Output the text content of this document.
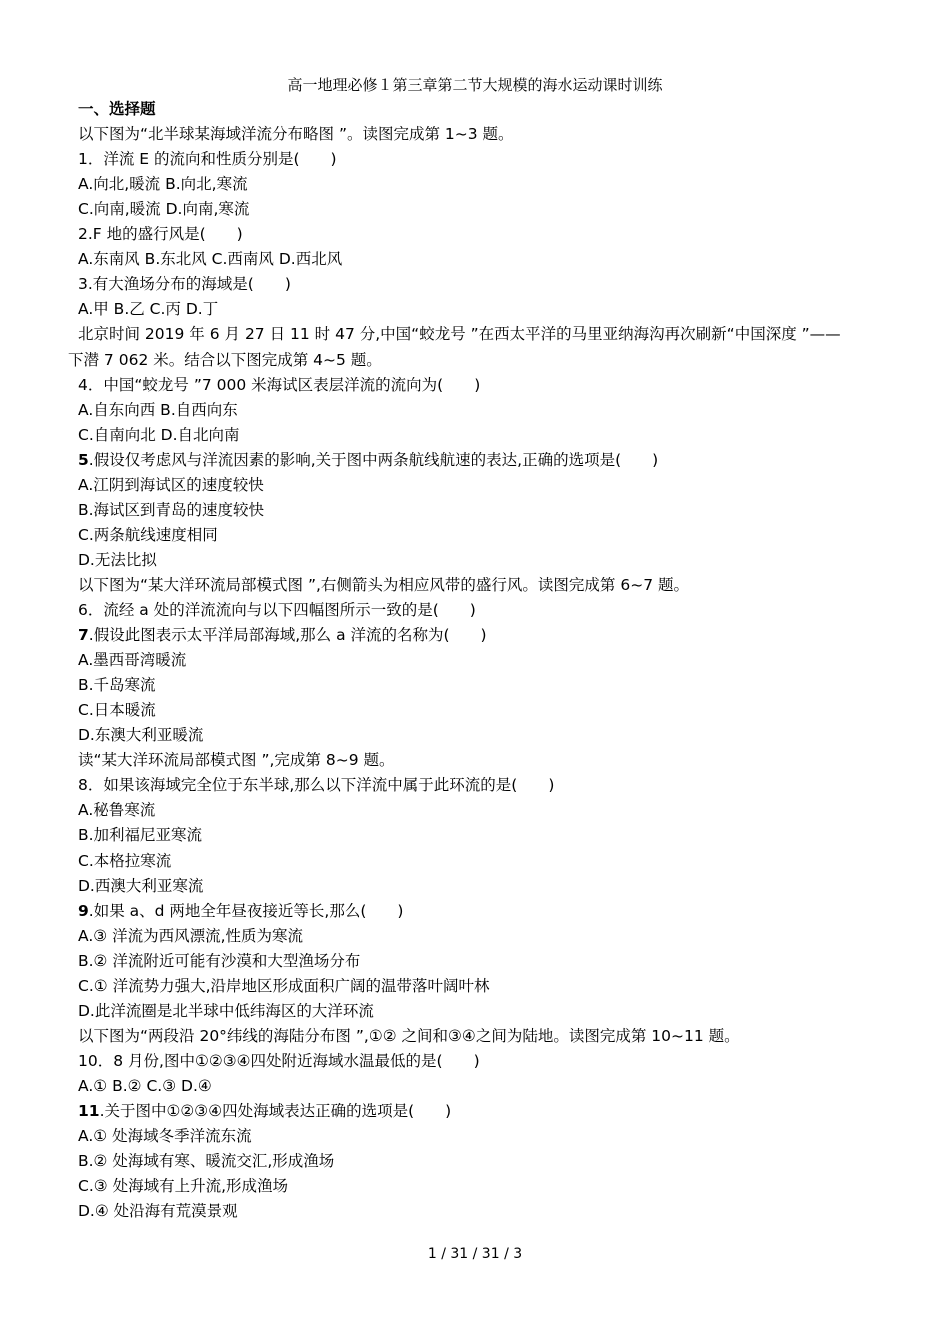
高一地理必修１第三章第二节大规模的海水运动课时训练
一、选择题
以下图为“北半球某海域洋流分布略图 ”。读图完成第 1~3 题。
1．洋流 E 的流向和性质分别是(　　)
A.向北,暖流 B.向北,寒流
C.向南,暖流 D.向南,寒流
2.F 地的盛行风是(　　)
A.东南风 B.东北风 C.西南风 D.西北风
3.有大渔场分布的海域是(　　)
A.甲 B.乙 C.丙 D.丁
北京时间 2019 年 6 月 27 日 11 时 47 分,中国“蛟龙号 ”在西太平洋的马里亚纳海沟再次刷新“中国深度 ”——
下潜 7 062 米。结合以下图完成第 4~5 题。
4．中国“蛟龙号 ”7 000 米海试区表层洋流的流向为(　　)
A.自东向西 B.自西向东
C.自南向北 D.自北向南
5.假设仅考虑风与洋流因素的影响,关于图中两条航线航速的表达,正确的选项是(　　)
A.江阴到海试区的速度较快
B.海试区到青岛的速度较快
C.两条航线速度相同
D.无法比拟
以下图为“某大洋环流局部模式图 ”,右侧箭头为相应风带的盛行风。读图完成第 6~7 题。
6．流经 a 处的洋流流向与以下四幅图所示一致的是(　　)
7.假设此图表示太平洋局部海域,那么 a 洋流的名称为(　　)
A.墨西哥湾暖流
B.千岛寒流
C.日本暖流
D.东澳大利亚暖流
读“某大洋环流局部模式图 ”,完成第 8~9 题。
8．如果该海域完全位于东半球,那么以下洋流中属于此环流的是(　　)
A.秘鲁寒流
B.加利福尼亚寒流
C.本格拉寒流
D.西澳大利亚寒流
9.如果 a、d 两地全年昼夜接近等长,那么(　　)
A.③ 洋流为西风漂流,性质为寒流
B.② 洋流附近可能有沙漠和大型渔场分布
C.① 洋流势力强大,沿岸地区形成面积广阔的温带落叶阔叶林
D.此洋流圈是北半球中低纬海区的大洋环流
以下图为“两段沿 20°纬线的海陆分布图 ”,①② 之间和③④之间为陆地。读图完成第 10~11 题。
10．8 月份,图中①②③④四处附近海域水温最低的是(　　)
A.① B.② C.③ D.④
11.关于图中①②③④四处海域表达正确的选项是(　　)
A.① 处海域冬季洋流东流
B.② 处海域有寒、暖流交汇,形成渔场
C.③ 处海域有上升流,形成渔场
D.④ 处沿海有荒漠景观
1 / 31 / 31 / 3
